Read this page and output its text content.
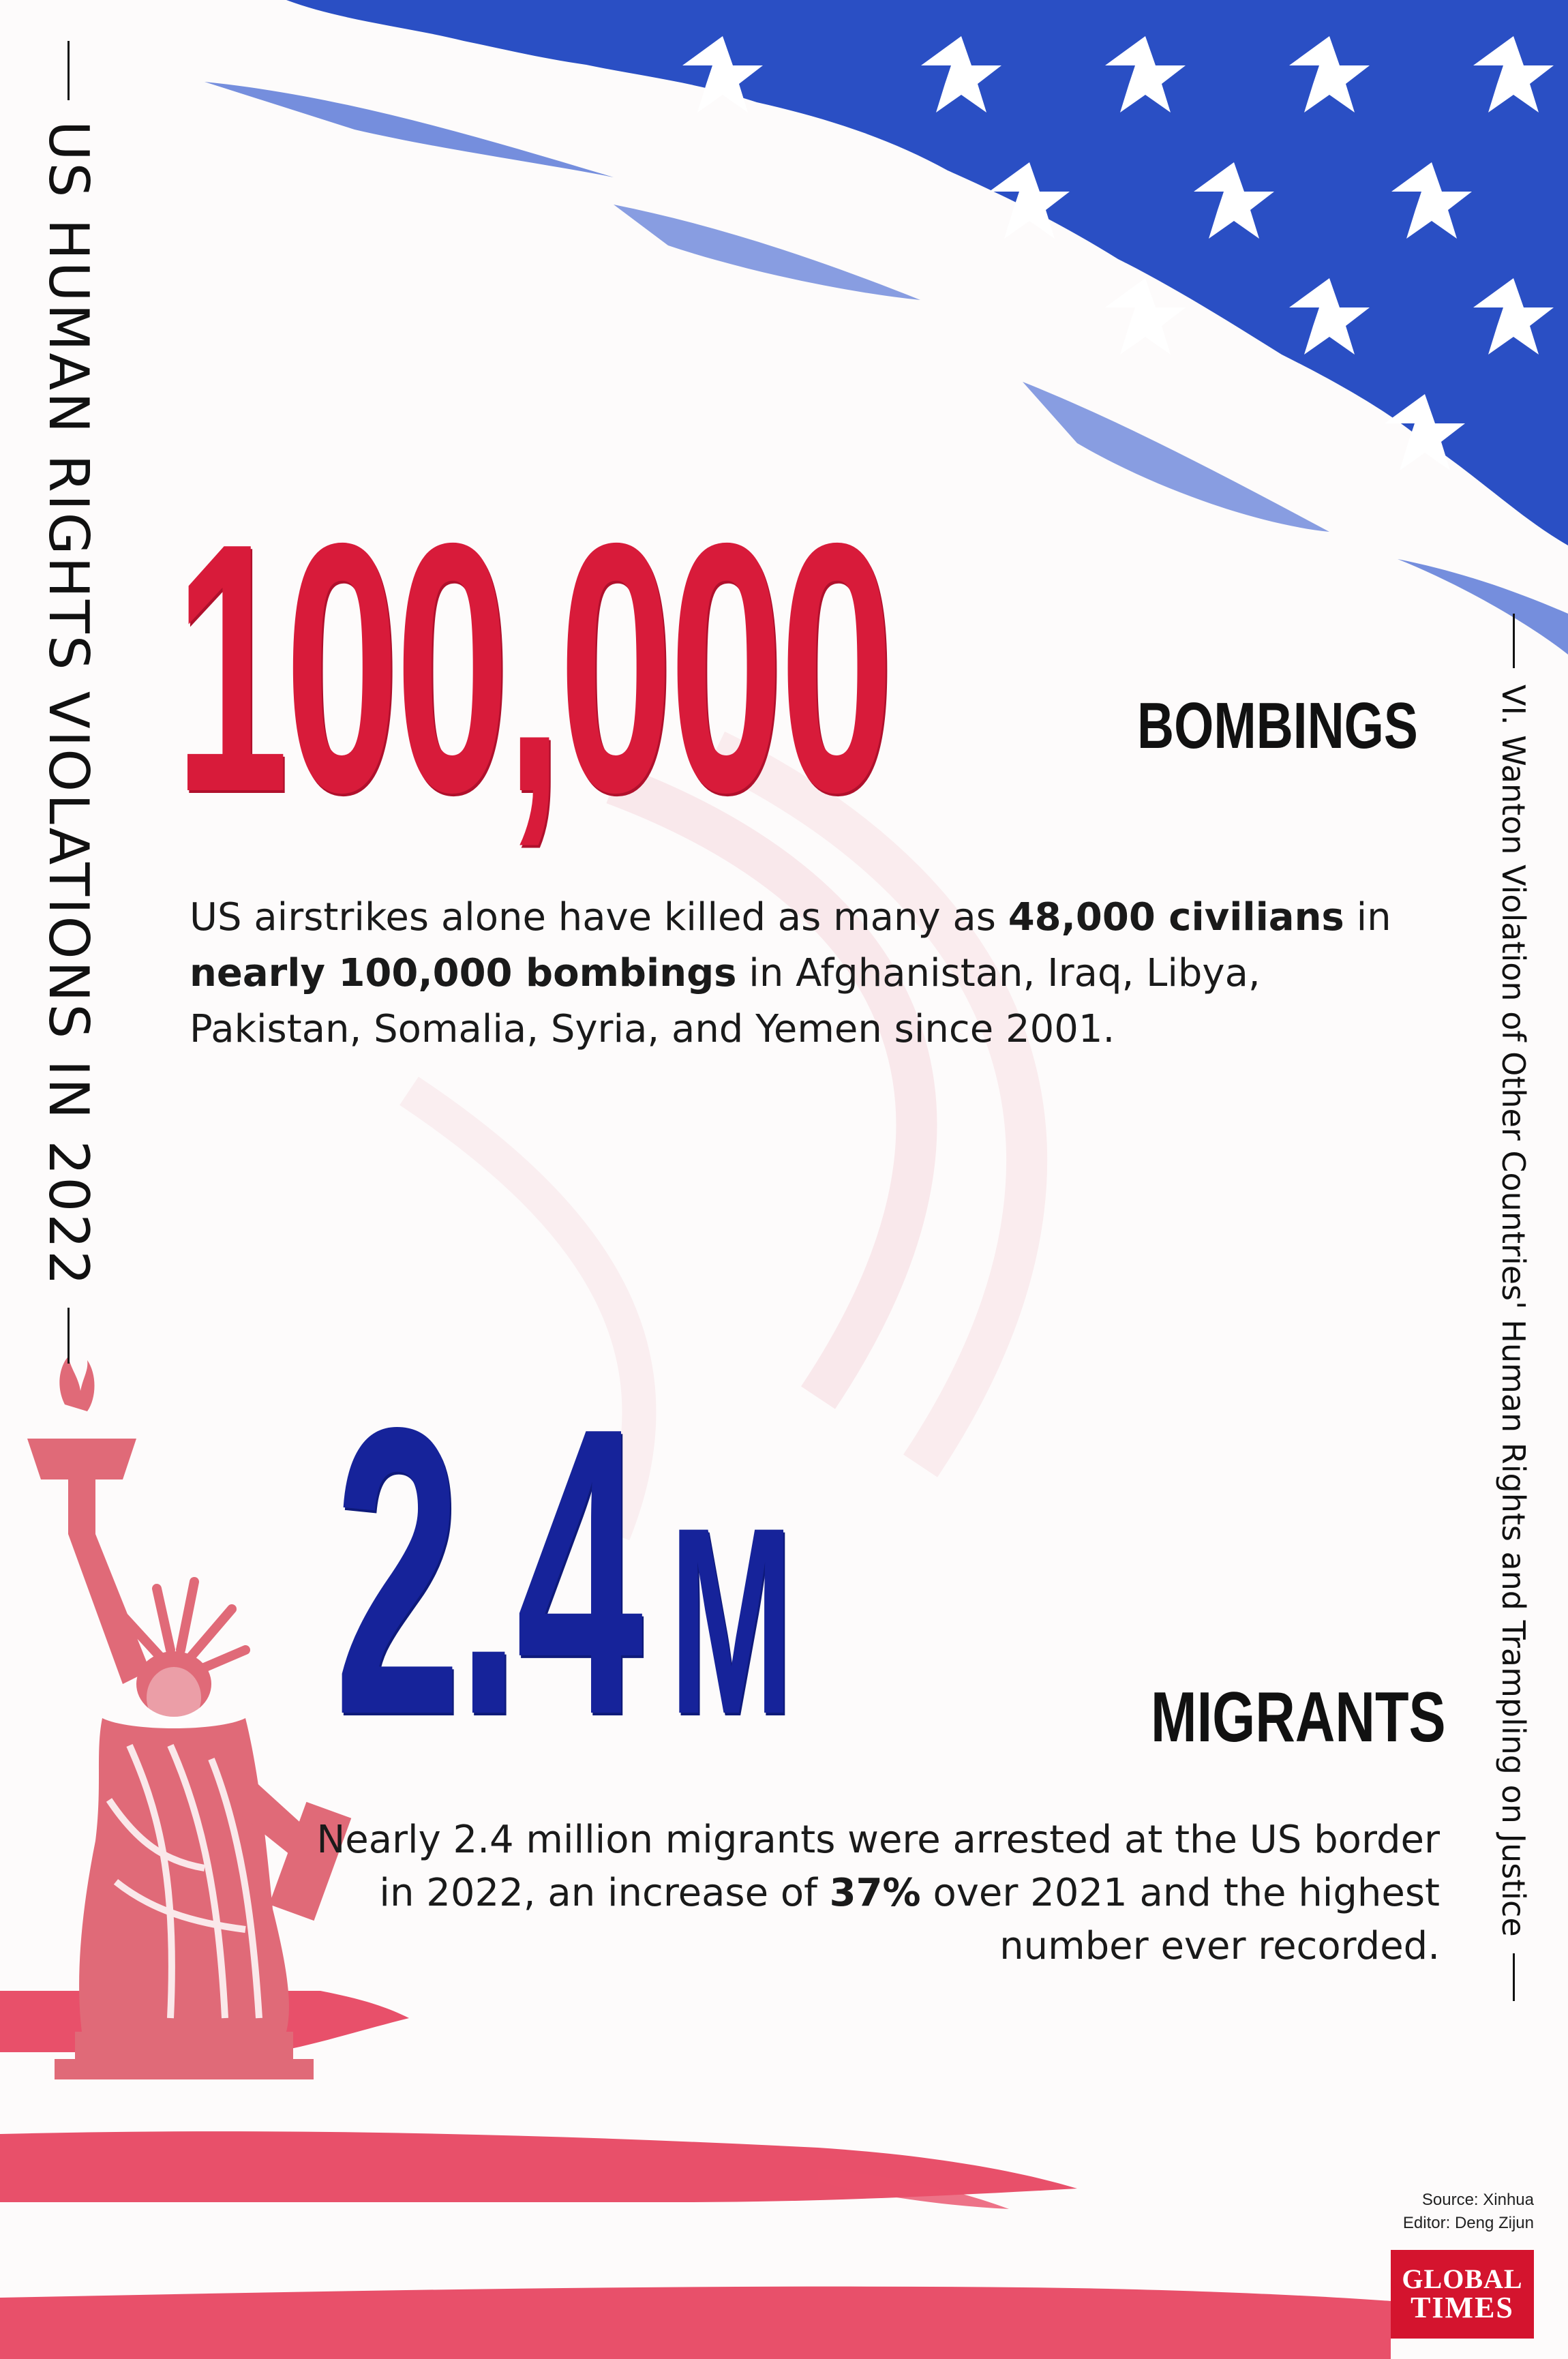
US HUMAN RIGHTS VIOLATIONS IN 2022	VI. Wanton Violation of Other Countries' Human Rights and Trampling on Justice
100,000	BOMBINGS
US airstrikes alone have killed as many as 48,000 civilians in nearly 100,000 bombings in Afghanistan, Iraq, Libya, Pakistan, Somalia, Syria, and Yemen since 2001.
2.4 M	MIGRANTS
Nearly 2.4 million migrants were arrested at the US border in 2022, an increase of 37% over 2021 and the highest number ever recorded.
Source: Xinhua
Editor: Deng Zijun
GLOBAL
TIMES
